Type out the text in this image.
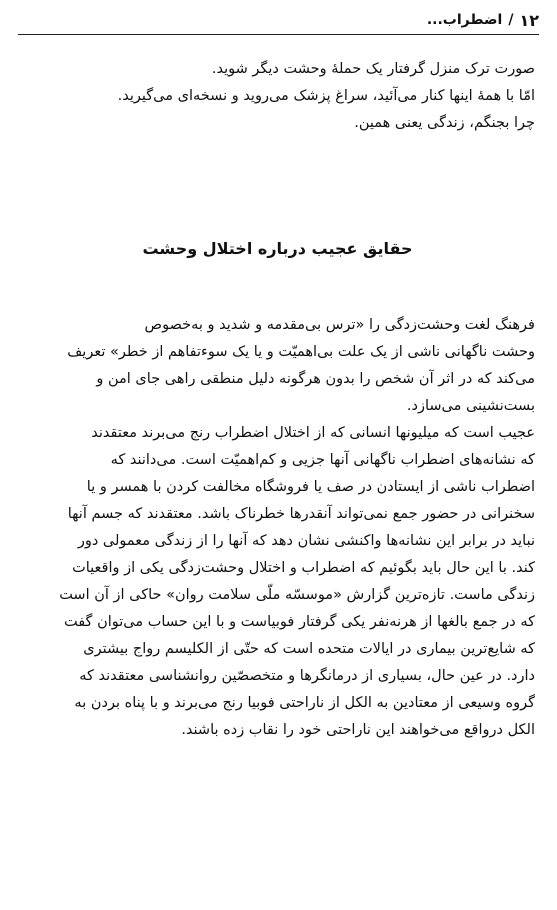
۱۲
/
اضطراب...

صورت ترک منزل گرفتار یک حملهٔ وحشت دیگر شوید.
امّا با همهٔ اینها کنار می‌آئید، سراغ پزشک می‌روید و نسخه‌ای می‌گیرید.
چرا بجنگم، زندگی یعنی همین.

حقایق عجیب درباره اختلال وحشت

فرهنگ لغت وحشت‌زدگی را «ترس بی‌مقدمه و شدید و به‌خصوص
وحشت ناگهانی ناشی از یک علت بی‌اهمیّت و یا یک سوءتفاهم از خطر» تعریف
می‌کند که در اثر آن شخص را بدون هرگونه دلیل منطقی راهی جای امن و
بست‌نشینی می‌سازد.

عجیب است که میلیونها انسانی که از اختلال اضطراب رنج می‌برند معتقدند
که نشانه‌های اضطراب ناگهانی آنها جزیی و کم‌اهمیّت است. می‌دانند که
اضطراب ناشی از ایستادن در صف یا فروشگاه مخالفت کردن با همسر و یا
سخنرانی در حضور جمع نمی‌تواند آنقدرها خطرناک باشد. معتقدند که جسم آنها
نباید در برابر این نشانه‌ها واکنشی نشان دهد که آنها را از زندگی معمولی دور
کند. با این حال باید بگوئیم که اضطراب و اختلال وحشت‌زدگی یکی از واقعیات
زندگی ماست. تازه‌ترین گزارش «موسسّه ملّی سلامت روان» حاکی از آن است
که در جمع بالغها از هرنه‌نفر یکی گرفتار فوبیاست و با این حساب می‌توان گفت
که شایع‌ترین بیماری در ایالات متحده است که حتّی از الکلیسم رواج بیشتری
دارد. در عین حال، بسیاری از درمانگرها و متخصصّین روانشناسی معتقدند که
گروه وسیعی از معتادین به الکل از ناراحتی فوبیا رنج می‌برند و با پناه بردن به
الکل درواقع می‌خواهند این ناراحتی خود را نقاب زده باشند.
